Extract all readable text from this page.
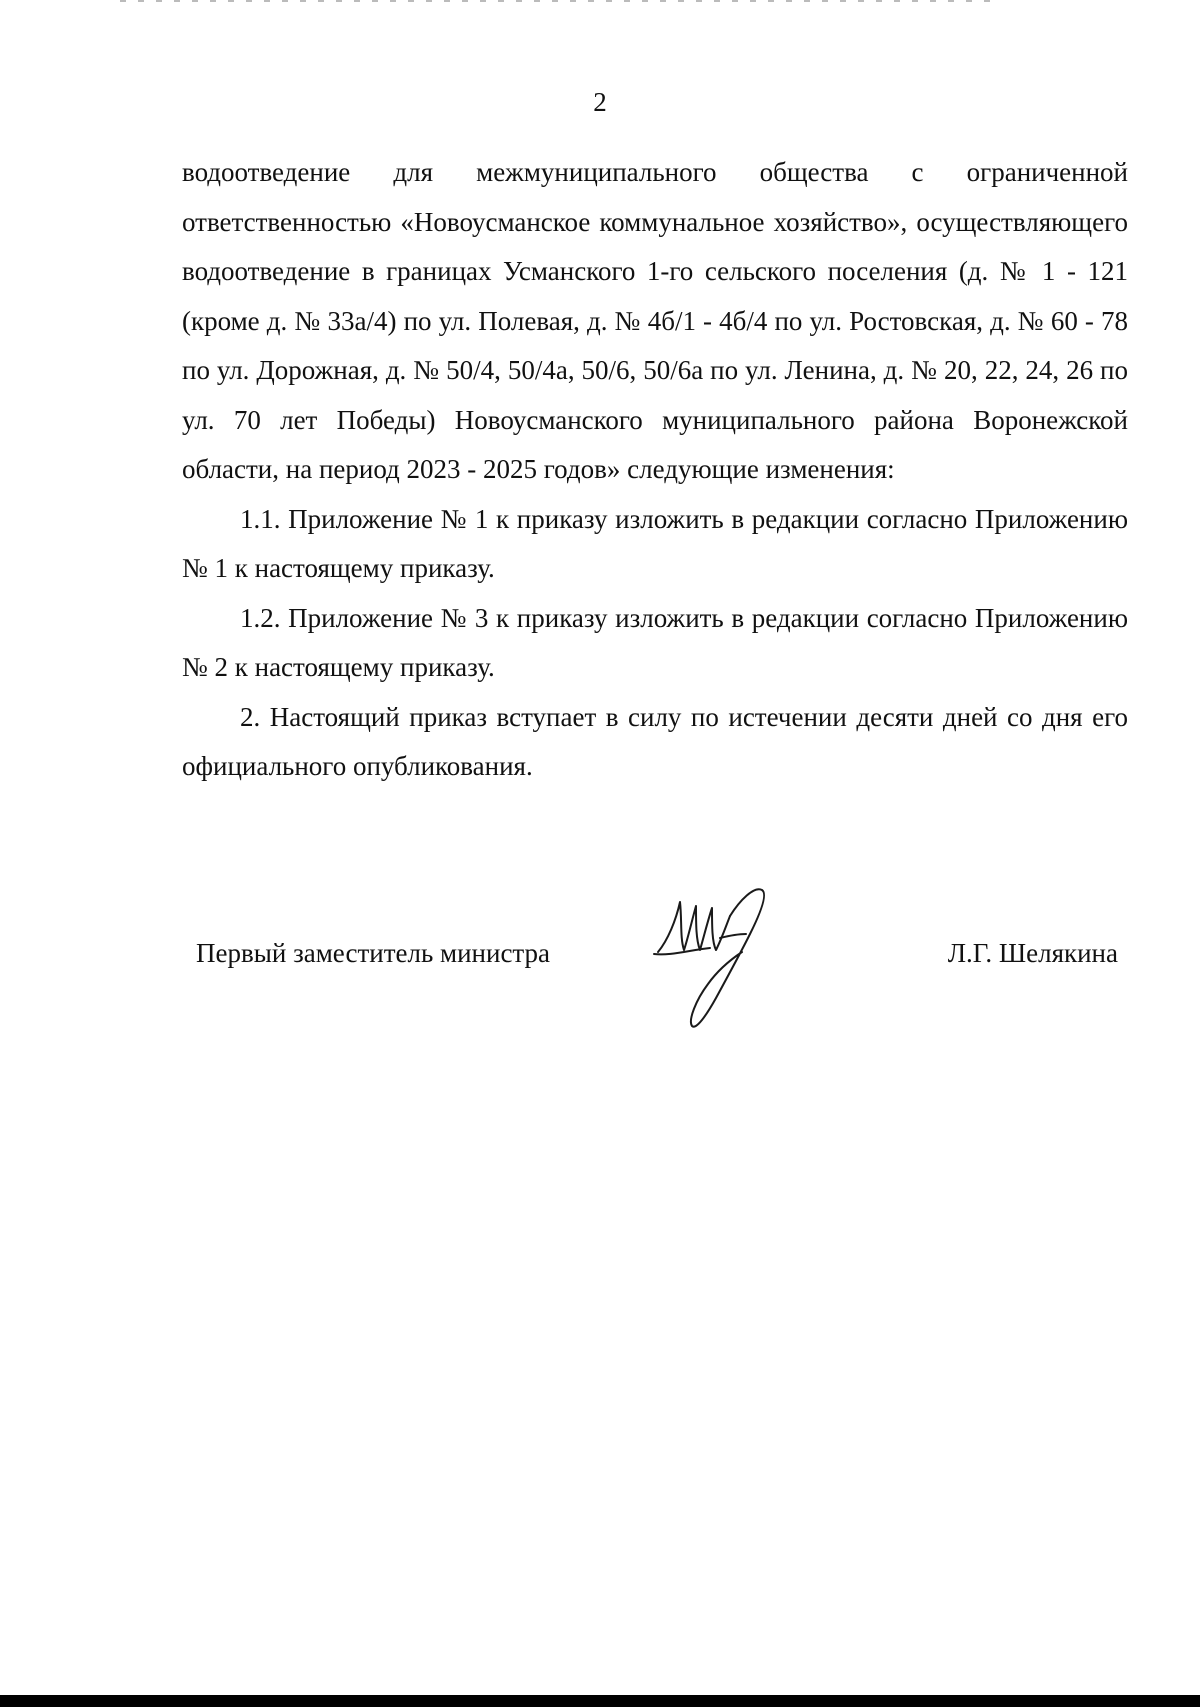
2

водоотведение для межмуниципального общества с ограниченной ответственностью «Новоусманское коммунальное хозяйство», осуществляющего водоотведение в границах Усманского 1-го сельского поселения (д. № 1 - 121 (кроме д. № 33а/4) по ул. Полевая, д. № 4б/1 - 4б/4 по ул. Ростовская, д. № 60 - 78 по ул. Дорожная, д. № 50/4, 50/4а, 50/6, 50/6а по ул. Ленина, д. № 20, 22, 24, 26 по ул. 70 лет Победы) Новоусманского муниципального района Воронежской области, на период 2023 - 2025 годов» следующие изменения:

1.1. Приложение № 1 к приказу изложить в редакции согласно Приложению № 1 к настоящему приказу.

1.2. Приложение № 3 к приказу изложить в редакции согласно Приложению № 2 к настоящему приказу.

2. Настоящий приказ вступает в силу по истечении десяти дней со дня его официального опубликования.

Первый заместитель министра	Л.Г. Шелякина
